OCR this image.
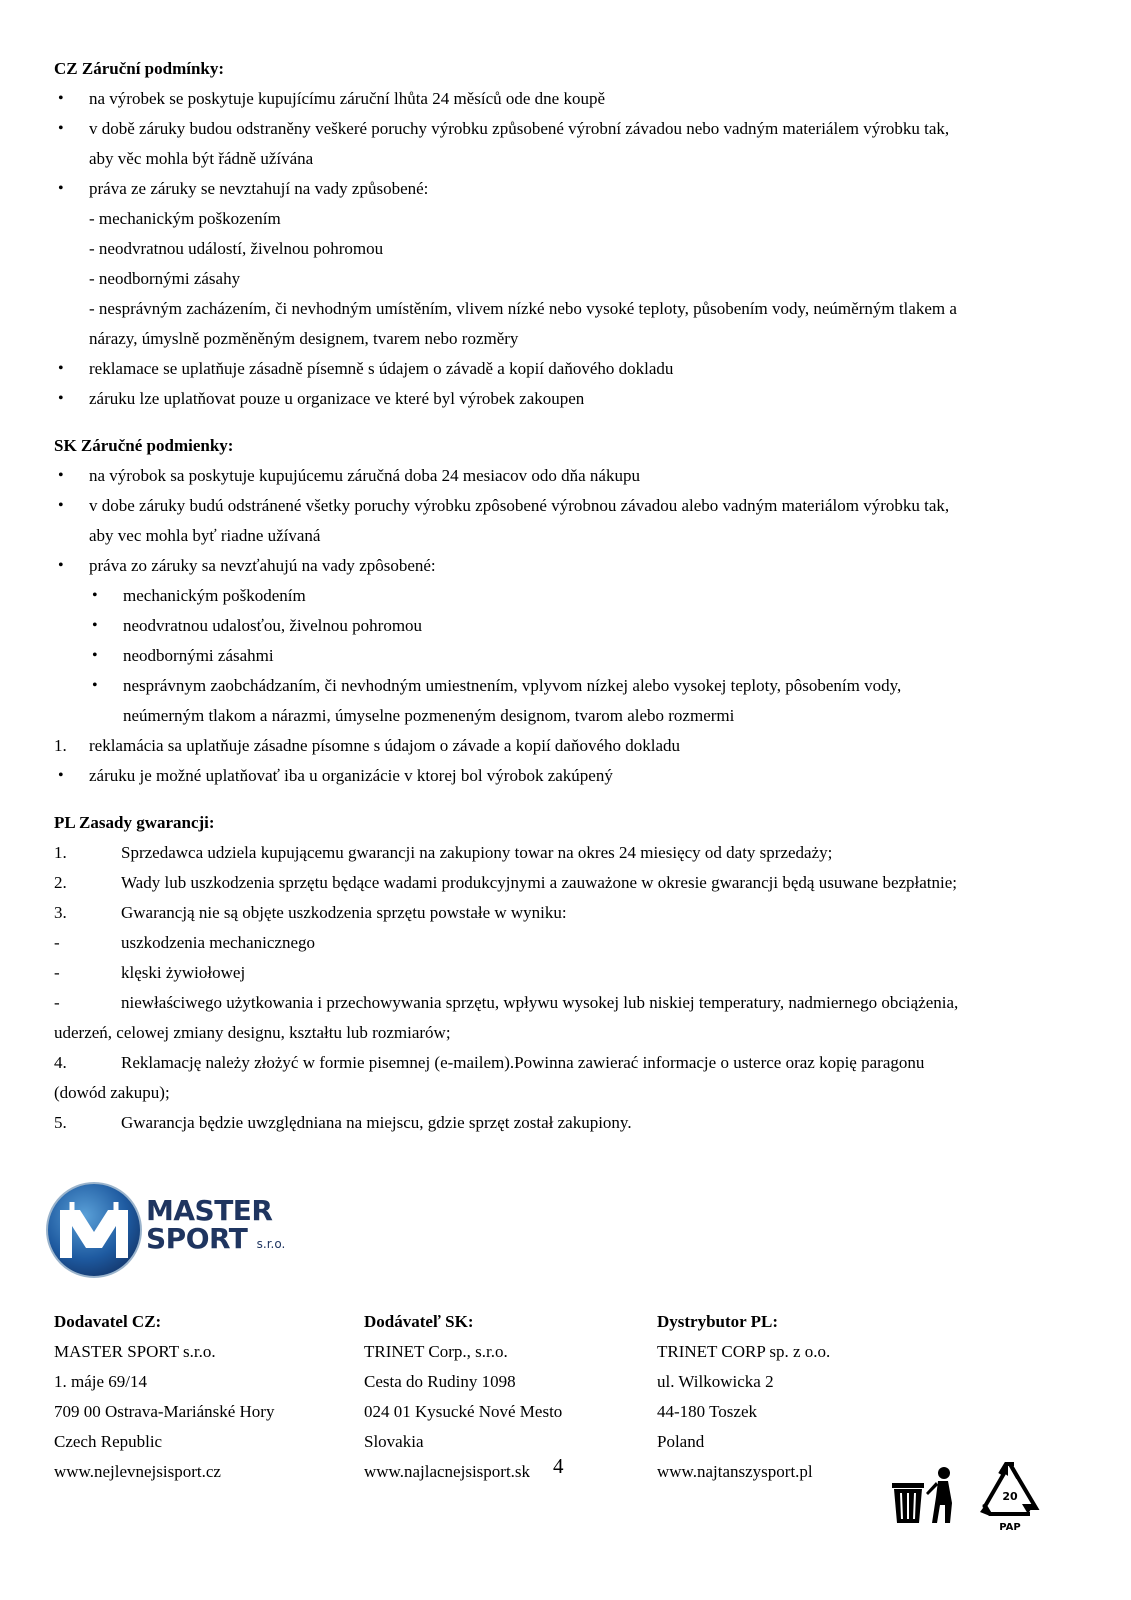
CZ Záruční podmínky:
• na výrobek se poskytuje kupujícímu záruční lhůta 24 měsíců ode dne koupě
• v době záruky budou odstraněny veškeré poruchy výrobku způsobené výrobní závadou nebo vadným materiálem výrobku tak,
aby věc mohla být řádně užívána
• práva ze záruky se nevztahují na vady způsobené:
- mechanickým poškozením
- neodvratnou událostí, živelnou pohromou
- neodbornými zásahy
- nesprávným zacházením, či nevhodným umístěním, vlivem nízké nebo vysoké teploty, působením vody, neúměrným tlakem a
nárazy, úmyslně pozměněným designem, tvarem nebo rozměry
• reklamace se uplatňuje zásadně písemně s údajem o závadě a kopií daňového dokladu
• záruku lze uplatňovat pouze u organizace ve které byl výrobek zakoupen
SK Záručné podmienky:
• na výrobok sa poskytuje kupujúcemu záručná doba 24 mesiacov odo dňa nákupu
• v dobe záruky budú odstránené všetky poruchy výrobku zpôsobené výrobnou závadou alebo vadným materiálom výrobku tak,
aby vec mohla byť riadne užívaná
• práva zo záruky sa nevzťahujú na vady zpôsobené:
• mechanickým poškodením
• neodvratnou udalosťou, živelnou pohromou
• neodbornými zásahmi
• nesprávnym zaobchádzaním, či nevhodným umiestnením, vplyvom nízkej alebo vysokej teploty, pôsobením vody,
neúmerným tlakom a nárazmi, úmyselne pozmeneným designom, tvarom alebo rozmermi
1. reklamácia sa uplatňuje zásadne písomne s údajom o závade a kopií daňového dokladu
• záruku je možné uplatňovať iba u organizácie v ktorej bol výrobok zakúpený
PL Zasady gwarancji:
1.	Sprzedawca udziela kupującemu gwarancji na zakupiony towar na okres 24 miesięcy od daty sprzedaży;
2.	Wady lub uszkodzenia sprzętu będące wadami produkcyjnymi a zauważone w okresie gwarancji będą usuwane bezpłatnie;
3.	Gwarancją nie są objęte uszkodzenia sprzętu powstałe w wyniku:
-	uszkodzenia mechanicznego
-	klęski żywiołowej
-	niewłaściwego użytkowania i przechowywania sprzętu, wpływu wysokej lub niskiej temperatury, nadmiernego obciążenia,
uderzeń, celowej zmiany designu, kształtu lub rozmiarów;
4.	Reklamację należy złożyć w formie pisemnej (e-mailem).Powinna zawierać informacje o usterce oraz kopię paragonu
(dowód zakupu);
5.	Gwarancja będzie uwzględniana na miejscu, gdzie sprzęt został zakupiony.
MASTER
SPORT s.r.o.
Dodavatel CZ:
MASTER SPORT s.r.o.
1. máje 69/14
709 00 Ostrava-Mariánské Hory
Czech Republic
www.nejlevnejsisport.cz
Dodávateľ SK:
TRINET Corp., s.r.o.
Cesta do Rudiny 1098
024 01 Kysucké Nové Mesto
Slovakia
www.najlacnejsisport.sk
Dystrybutor PL:
TRINET CORP sp. z o.o.
ul. Wilkowicka 2
44-180 Toszek
Poland
www.najtanszysport.pl
4
20
PAP
